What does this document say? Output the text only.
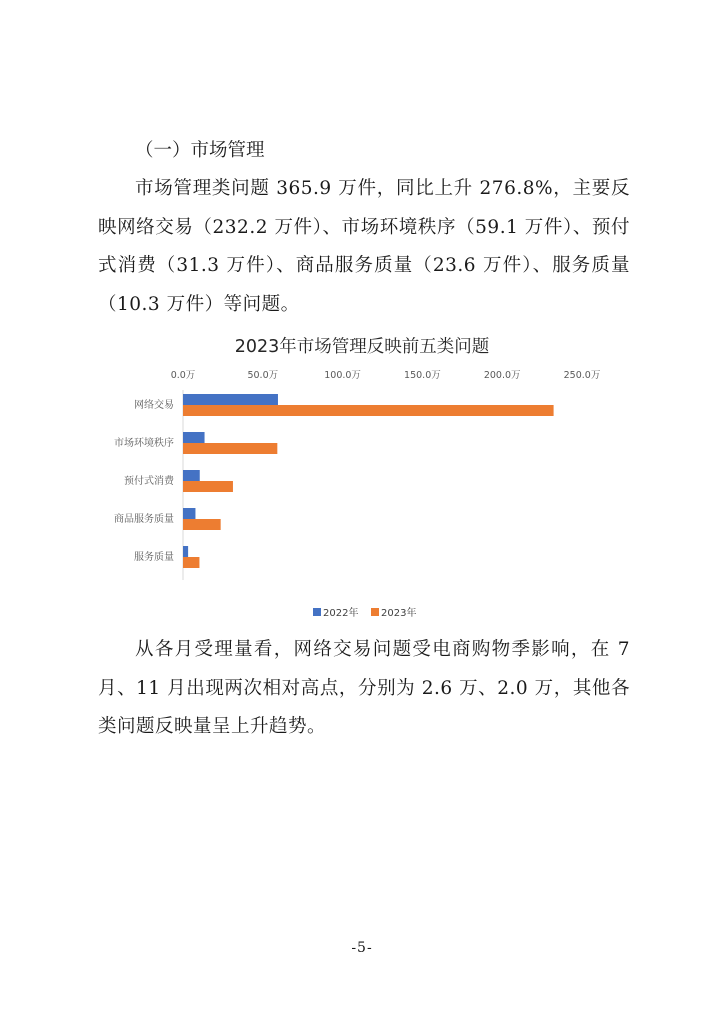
（一）市场管理

市场管理类问题 365.9 万件，同比上升 276.8%，主要反映网络交易（232.2 万件）、市场环境秩序（59.1 万件）、预付式消费（31.3 万件）、商品服务质量（23.6 万件）、服务质量（10.3 万件）等问题。

2023年市场管理反映前五类问题
0.0万	50.0万	100.0万	150.0万	200.0万	250.0万
网络交易
市场环境秩序
预付式消费
商品服务质量
服务质量
2022年 2023年

从各月受理量看，网络交易问题受电商购物季影响，在 7 月、11 月出现两次相对高点，分别为 2.6 万、2.0 万，其他各类问题反映量呈上升趋势。

-5-
